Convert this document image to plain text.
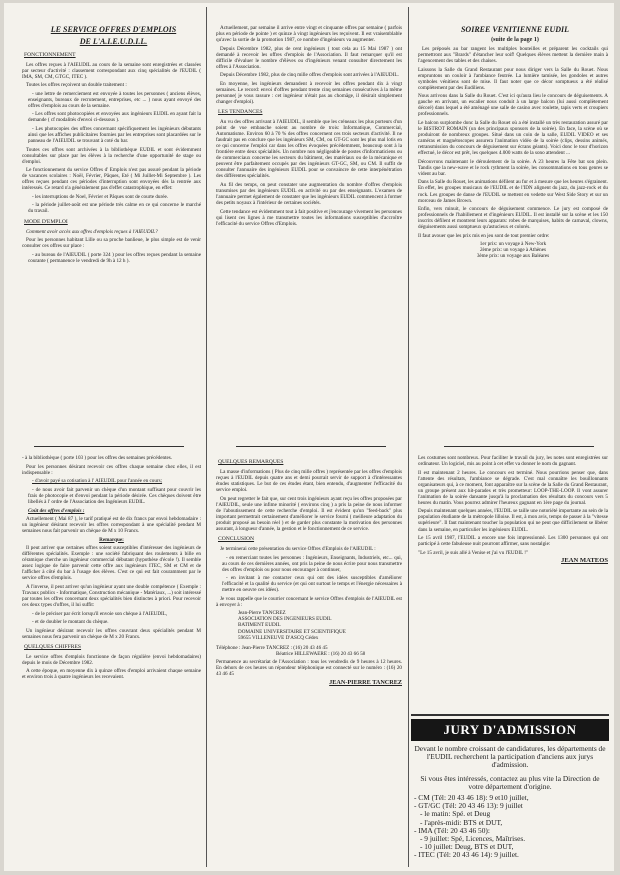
LE SERVICE OFFRES D'EMPLOIS

DE L'A.I.E.U.D.I.L.

FONCTIONNEMENT

Les offres reçues à l'AIEUDIL au cours de la semaine sont enregistrées et classées par secteur d'activité : classement correspondant aux cinq spécialités de l'EUDIL ( IMA, SM, CM, GTGC, ITEC ).

Toutes les offres reçoivent un double traitement :

- une lettre de remerciement est envoyée à toutes les personnes ( anciens élèves, enseignants, bureaux de recrutement, entreprises, etc ... ) nous ayant envoyé des offres d'emplois au cours de la semaine.

- Les offres sont photocopiées et envoyées aux ingénieurs EUDIL en ayant fait la demande ( cf modalités d'envoi ci-dessous ).

- Les photocopies des offres concernant spécifiquement les ingénieurs débutants ainsi que les affiches publicitaires fournies par les entreprises sont placardées sur le panneau de l'AIEUDIL se trouvant à coté du bar.

Toutes ces offres sont archivées à la bibliothèque EUDIL et sont évidemment consultables sur place par les élèves à la recherche d'une opportunité de stage ou d'emploi.

Le fonctionnement du service Offres d' Emplois n'est pas assuré pendant la période de vacances scolaires : Noël, Février, Pâques, Eté ( Mi Juillet-Mi Septembre ). Les offres reçues pendant ces périodes d'interruption sont envoyées dès la rentrée aux intéressés. Ce retard n'a généralement pas d'effet catastrophique, en effet:

- les interruptions de Noel, Février et Pâques sont de courte durée.

- la période juillet-août est une période très calme en ce qui concerne le marché du travail.

MODE D'EMPLOI

Comment avoir accès aux offres d'emplois reçues à l'AIEUDIL?

Pour les personnes habitant Lille ou sa proche banlieue, le plus simple est de venir consulter ces offres sur place :

- au bureau de l'AIEUDIL ( porte 324 ) pour les offres reçues pendant la semaine courante ( permanence le vendredi de 9h à 12 h ).

- à la bibliothèque ( porte 103 ) pour les offres des semaines précédentes.

Pour les personnes désirant recevoir ces offres chaque semaine chez elles, il est indispensable :

- d'avoir payé sa cotisation à l' AIEUDIL pour l'année en cours;

- de nous avoir fait parvenir un chèque d'un montant suffisant pour couvrir les frais de photocopie et d'envoi pendant la période désirée. Ces chèques doivent être libellés à l' ordre de l'Association des Ingénieurs EUDIL.

Coût des offres d'emplois :

Actuellement ( Mai 87 ), le tarif pratiqué est de dix francs par envoi hebdomadaire : un ingénieur désirant recevoir les offres correspondant à une spécialité pendant M semaines nous fait parvenir un chèque de M x 10 Francs.

Remarque:

Il peut arriver que certaines offres soient susceptibles d'intéresser des ingénieurs de différentes spécialités. Exemple : une société fabriquant des roulements à bille en céramique cherche un ingénieur commercial débutant (hypothèse d'école !). Il semble assez logique de faire parvenir cette offre aux ingénieurs ITEC, SM et CM et de l'afficher à côté du bar à l'usage des élèves. C'est ce qui est fait couramment par le service offres d'emplois.

A l'inverse, il peut arriver qu'un ingénieur ayant une double compétence ( Exemple : Travaux publics - Informatique, Construction mécanique - Matériaux, ...) soit intéressé par toutes les offres concernant deux spécialités bien distinctes à priori. Pour recevoir ces deux types d'offres, il lui suffit:

- de le préciser par écrit lorsqu'il envoie son chèque à l'AIEUDIL,

- et de doubler le montant du chèque.

Un ingénieur désirant recevoir les offres couvrant deux spécialités pendant M semaines nous fera parvenir un chèque de M x 20 Francs.

QUELQUES CHIFFRES

Le service offres d'emplois fonctionne de façon régulière (envoi hebdomadaires) depuis le mois de Décembre 1982.

A cette époque, en moyenne dix à quinze offres d'emploi arrivaient chaque semaine et environ trois à quatre ingénieurs les recevaient.

Actuellement, par semaine il arrive entre vingt et cinquante offres par semaine ( parfois plus en période de pointe ) et quinze à vingt ingénieurs les reçoivent. Il est vraisemblable qu'avec la sortie de la promotion 1987, ce nombre d'ingénieurs va augmenter.

Depuis Décembre 1982, plus de cent ingénieurs ( tout cela au 15 Mai 1987 ) ont demandé à recevoir les offres d'emplois de l'Association. Il faut remarquer qu'il est difficile d'évaluer le nombre d'élèves ou d'ingénieurs venant consulter directement les offres à l'Association.

Depuis Décembre 1982, plus de cinq mille offres d'emplois sont arrivées à l'AIEUDIL.

En moyenne, les ingénieurs demandent à recevoir les offres pendant dix à vingt semaines. Le record: envoi d'offres pendant trente cinq semaines consécutives à la même personne( je vous rassure : cet ingénieur n'était pas au chomâge, il désirait simplement changer d'emploi).

LES TENDANCES

Au vu des offres arrivant à l'AIEUDIL, il semble que les créneaux les plus porteurs d'un point de vue embauche soient au nombre de trois: Informatique, Commercial, Automatisme. Environ 60 à 70 % des offres concernent ces trois secteurs d'activité. Il ne faudrait pas en conclure que les ingénieurs SM, CM, ou GT-GC sont les plus mal lotis en ce qui concerne l'emploi car dans les offres évoquées précédemment, beaucoup sont à la frontière entre deux spécialités. Un nombre non négligeable de postes d'informaticiens ou de commerciaux concerne les secteurs du bâtiment, des matériaux ou de la mécanique et peuvent être parfaitement occupés par des ingénieurs GT-GC, SM, ou CM. Il suffit de consulter l'annuaire des ingénieurs EUDIL pour se convaincre de cette interpénétration des différentes spécialités.

Au fil des temps, on peut constater une augmentation du nombre d'offres d'emplois transmises par des ingénieurs EUDIL en activité ou par des enseignants. L'examen de l'annuaire permet également de constater que les ingénieurs EUDIL commencent à former des petits noyaux à l'intérieur de certaines sociétés.

Cette tendance est évidemment tout à fait positive et j'encourage vivement les personnes qui lisent ces lignes à me transmettre toutes les informations susceptibles d'accroître l'efficacité du service Offres d'Emplois.

QUELQUES REMARQUES

La masse d'informations ( Plus de cinq mille offres ) représentée par les offres d'emplois reçues à l'EUDIL depuis quatre ans et demi pourrait servir de support à d'intéressantes études statistiques. Le but de ces études étant, bien entendu, d'augmenter l'efficacité du service emploi.

On peut regretter le fait que, sur cent trois ingénieurs ayant reçu les offres proposées par l'AIEUDIL, seule une infime minorité ( environs cinq ) a pris la peine de nous informer de l'aboutissement de cette recherche d'emploi. Il est évident qu'un "feed-back" plus important permettrait certainement d'améliorer le service fourni ( meilleure adaptation du produit proposé au besoin réel ) et de garder plus constante la motivation des personnes assurant, à longueur d'année, la gestion et le fonctionnement de ce service.

CONCLUSION

Je terminerai cette présentation du service Offres d'Emplois de l'AIEUDIL :

- en remerciant toutes les personnes : Ingénieurs, Enseignants, Industriels, etc... qui, au cours de ces dernières années, ont pris la peine de nous écrire pour nous transmettre des offres d'emplois ou pour nous encourager à continuer,

- en invitant à me contacter ceux qui ont des idées susceptibles d'améliorer l'efficacité et la qualité du service (et qui ont surtout le temps et l'énergie nécessaires à mettre en oeuvre ces idées).

Je vous rappelle que le courrier concernant le service Offres d'emplois de l'AIEUDIL est à envoyer à :

Jean-Pierre TANCREZ

ASSOCIATION DES INGENIEURS EUDIL

BATIMENT EUDIL

DOMAINE UNIVERSITAIRE ET SCIENTIFIQUE

59655 VILLENEUVE D'ASCQ Cédex

Téléphone : Jean-Pierre TANCREZ : (16) 20 43 46 45

Béatrice HILLEWAERE : (16) 20 43 66 58

Permanence au secrétariat de l'Association : tous les vendredis de 9 heures à 12 heures. En dehors de ces heures un répondeur téléphonique est connecté sur le numéro : (16) 20 43 46 45

JEAN-PIERRE TANCREZ

SOIREE VENITIENNE EUDIL

(suite de la page 1)

Les préposés au bar rangent les multiples bouteilles et préparent les cocktails qui permettront aux "Brards" d'étancher leur soif! Quelques élèves mettent la dernière main à l'agencement des tables et des chaises.

Laissons la Salle du Grand Restaurant pour nous diriger vers la Salle du Rouet. Nous empruntons un couloir à l'ambiance feutrée. La lumière tamisée, les gondoles et autres symboles vénitiens sont de mise. Il faut noter que ce décor somptueux a été réalisé complètement par des Eudiliens.

Nous arrivons dans la Salle du Rouet. C'est ici qu'aura lieu le concours de déguisements. A gauche en arrivant, un escalier nous conduit à un large balcon (lui aussi complètement décoré) dans lequel a été aménagé une salle de casino avec roulette, tapis verts et croupiers professionnels.

Le balcon surplombe donc la Salle du Rouet où a été installé un très restauration assuré par le BISTROT ROMAIN (un des principaux sponsors de la soirée). En face, la scène où se produiront de nombreux groupes. Situé dans un coin de la salle, EUDIL VIDEO et ses caméras et magnétoscopes assurera l'animation vidéo de la soirée (clips, dessins animés, retransmission du concours de déguisement sur écrans géants). Voici donc le tour d'horizon effectué, le décor est prêt, les quelques 4.000 watts de la sono attendent ...

Découvrons maintenant le déroulement de la soirée. A 23 heures la Fête bat son plein. Tandis que la new-wave et le rock rythment la soirée, les consommations en tous genres se vident au bar.

Dans la Salle du Rouet, les animations défilent au fur et à mesure que les heures s'égrainent. En effet, les groupes musicaux de l'EUDIL et de l'IDN alignent du jazz, du jazz-rock et du rock. Les groupes de danse de l'EUDIL se mettent en vedette sur West Side Story et sur un morceau de James Brown.

Enfin, vers minuit, le concours de déguisement commence. Le jury est composé de professionnels de l'habillement et d'ingénieurs EUDIL. Il est installé sur la scène et les 150 inscrits défilent et montrent leurs apparats: robes de marquises, habits de carnaval, clowns, déguisements aussi somptueux qu'astucieux et colorés.

Il faut avouer que les prix mis en jeu sont de tout premier ordre:

1er prix: un voyage à New-York

2ème prix: un voyage à Athènes

3ème prix: un voyage aux Baléares

Les costumes sont nombreux. Pour faciliter le travail du jury, les notes sont enregistrées sur ordinateur. Un logiciel, mis au point à cet effet va donner le nom du gagnant.

Il est maintenant 2 heures. Le concours est terminé. Nous pourrions penser que, dans l'attente des résultats, l'ambiance se dégrade. C'est mal connaître les bouillonnants organisateurs qui, à ce moment, font apparaître sur la scène de la Salle du Grand Restaurant, un groupe présent aux hit-parades et très prometteur: LOOP-THE-LOOP. Il vont assurer l'animation de la soirée dansante jusqu'à la proclamation des résultats du concours vers 5 heures du matin. Vous pourrez admirer l'heureux gagnant en 1ère page du journal.

Depuis maintenant quelques années, l'EUDIL se taille une notoriété importante au sein de la population étudiante de la métropole lilloise. Il est, à mon avis, temps de passer à la "vitesse supérieure". Il faut maintenant toucher la population qui ne peut que difficilement se libérer dans la semaine, en particulier les ingénieurs EUDIL.

Le 15 avril 1987, l'EUDIL a encore une fois impressionné. Les 1300 personnes qui ont participé à cette fabuleuse nuit pourront affirmer, sans nostalgie:

"Le 15 avril, je suis allé à Venise et j'ai vu l'EUDIL !"

JEAN MATEOS

JURY D'ADMISSION

Devant le nombre croissant de candidatures, les départements de l'EUDIL recherchent la participation d'anciens aux jurys d'admission.

Si vous êtes intéressés, contactez au plus vite la Direction de votre département d'origine.

- CM (Tél: 20 43 46 18): 9 et10 juillet,

- GT/GC (Tél: 20 43 46 13): 9 juillet

- le matin: Spé. et Deug

- l'après-midi: BTS et DUT,

- IMA (Tél: 20 43 46 50):

- 9 juillet: Spé, Licences, Maîtrises.

- 10 juillet: Deug, BTS et DUT,

- ITEC (Tél: 20 43 46 14): 9 juillet.
